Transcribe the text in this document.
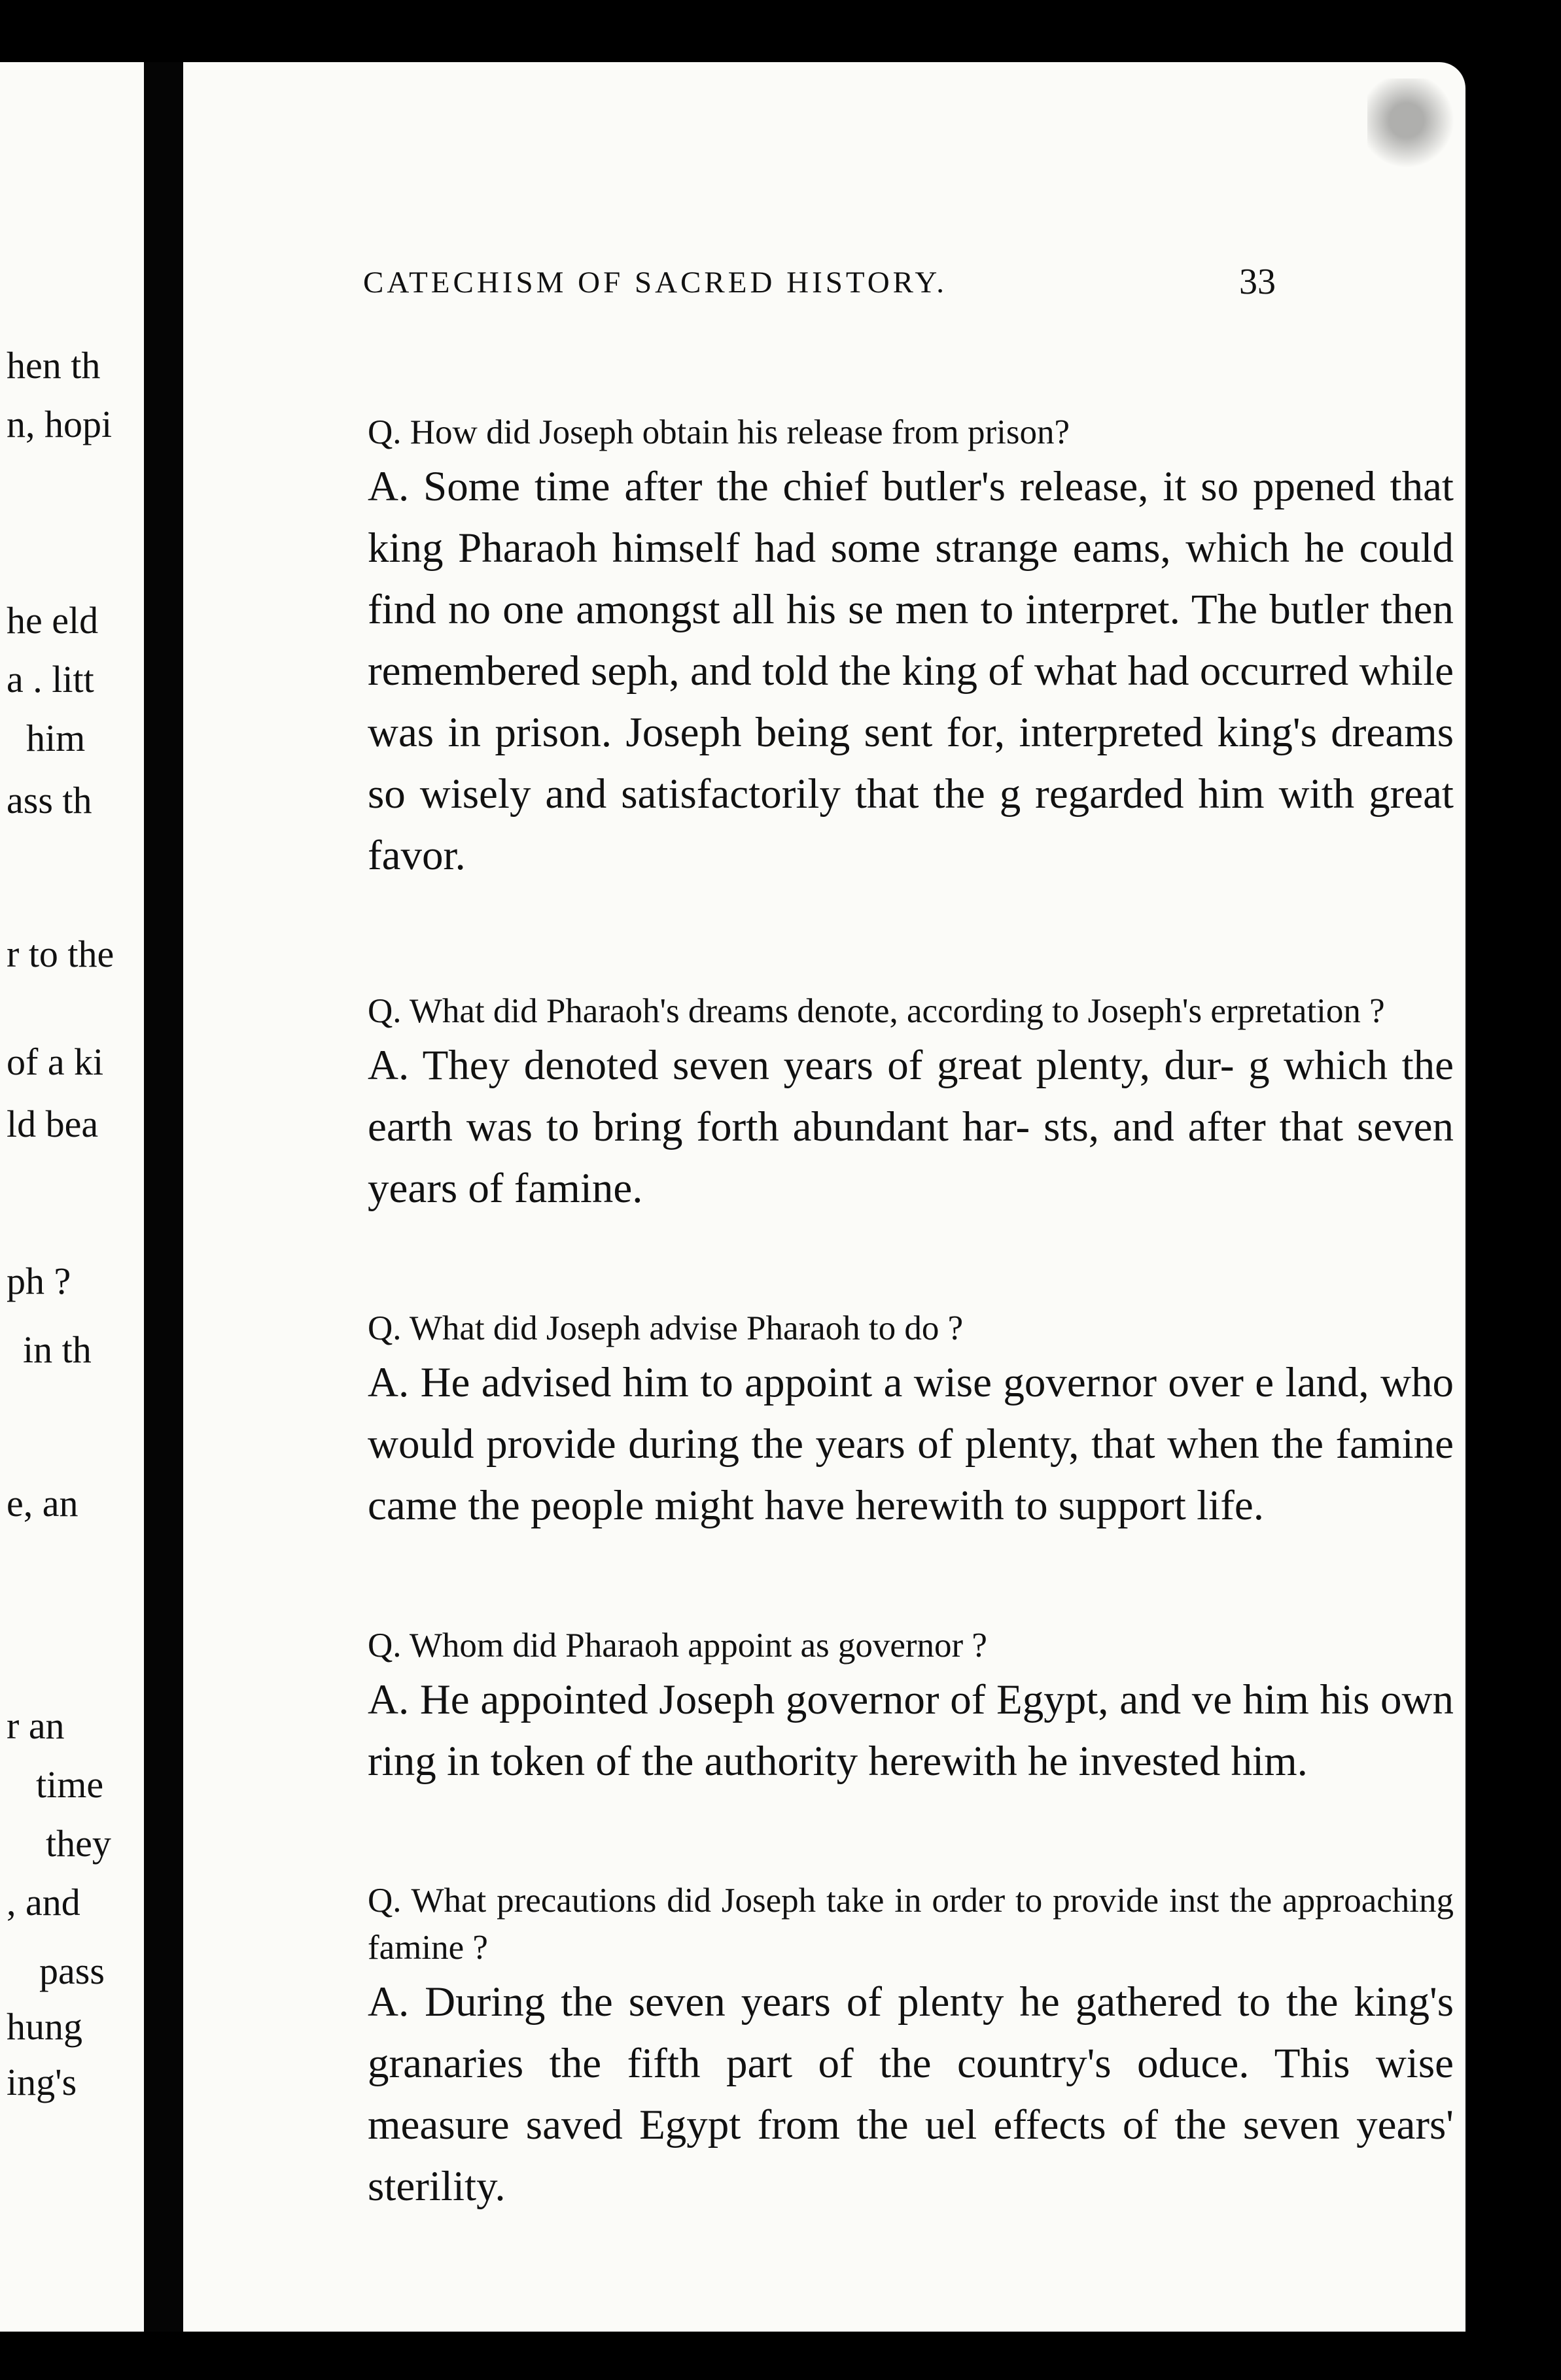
hen th
n, hopi
he eld
a . litt
him
ass th
r to the
of a ki
ld bea
ph ?
in th
e, an
r an
time
they
, and
pass
hung
ing's

Q. How did Joseph obtain his release from prison?

A. Some time after the chief butler's release, it so ppened that king Pharaoh himself had some strange eams, which he could find no one amongst all his se men to interpret. The butler then remembered seph, and told the king of what had occurred while was in prison. Joseph being sent for, interpreted king's dreams so wisely and satisfactorily that the g regarded him with great favor.

Q. What did Pharaoh's dreams denote, according to Joseph's erpretation ?

A. They denoted seven years of great plenty, dur- g which the earth was to bring forth abundant har- sts, and after that seven years of famine.

Q. What did Joseph advise Pharaoh to do ?

A. He advised him to appoint a wise governor over e land, who would provide during the years of plenty, that when the famine came the people might have herewith to support life.

Q. Whom did Pharaoh appoint as governor ?

A. He appointed Joseph governor of Egypt, and ve him his own ring in token of the authority herewith he invested him.

Q. What precautions did Joseph take in order to provide inst the approaching famine ?

A. During the seven years of plenty he gathered to the king's granaries the fifth part of the country's oduce. This wise measure saved Egypt from the uel effects of the seven years' sterility.

CATECHISM OF SACRED HISTORY.	33
